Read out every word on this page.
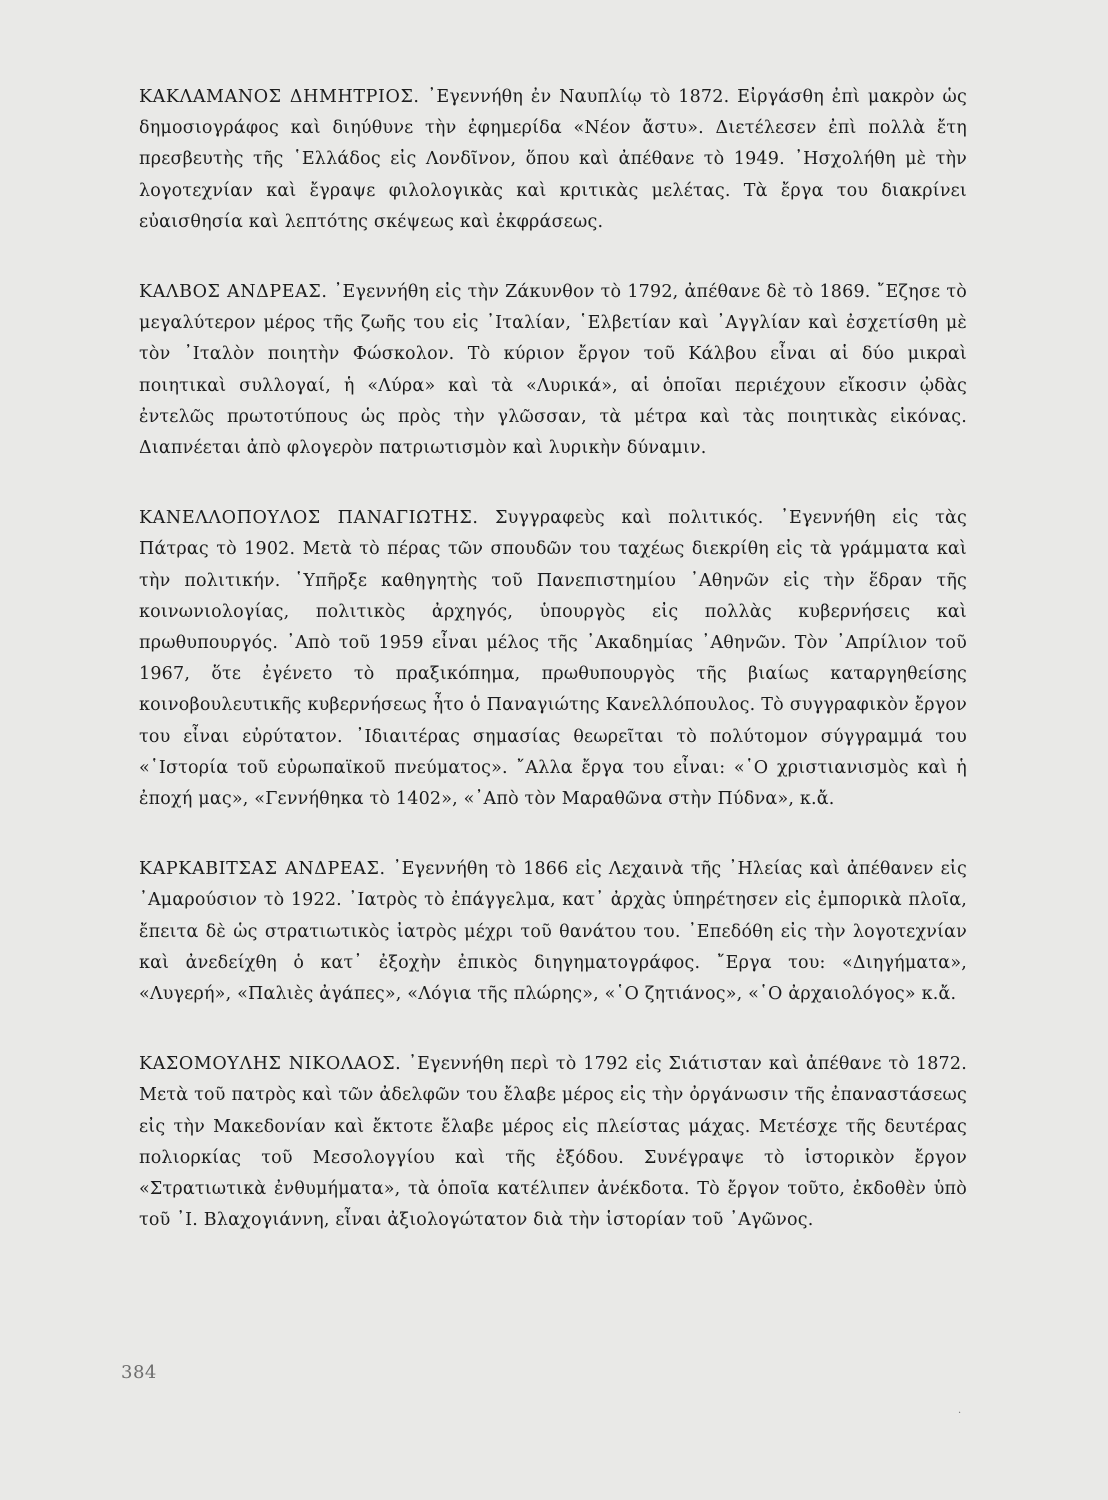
ΚΑΚΛΑΜΑΝΟΣ ΔΗΜΗΤΡΙΟΣ. ᾿Εγεννήθη ἐν Ναυπλίῳ τὸ 1872. Εἰργάσθη ἐπὶ μακρὸν ὡς δημοσιογράφος καὶ διηύθυνε τὴν ἐφημερίδα «Νέον ἄστυ». Διετέλεσεν ἐπὶ πολλὰ ἔτη πρεσβευτὴς τῆς ῾Ελλάδος εἰς Λονδῖνον, ὅπου καὶ ἀπέθανε τὸ 1949. ᾿Ησχολήθη μὲ τὴν λογοτεχνίαν καὶ ἔγραψε φιλολογικὰς καὶ κριτικὰς μελέτας. Τὰ ἔργα του διακρίνει εὐαισθησία καὶ λεπτότης σκέψεως καὶ ἐκφράσεως.

ΚΑΛΒΟΣ ΑΝΔΡΕΑΣ. ᾿Εγεννήθη εἰς τὴν Ζάκυνθον τὸ 1792, ἀπέθανε δὲ τὸ 1869. ῎Εζησε τὸ μεγαλύτερον μέρος τῆς ζωῆς του εἰς ᾿Ιταλίαν, ῾Ελβετίαν καὶ ᾿Αγγλίαν καὶ ἐσχετίσθη μὲ τὸν ᾿Ιταλὸν ποιητὴν Φώσκολον. Τὸ κύριον ἔργον τοῦ Κάλβου εἶναι αἱ δύο μικραὶ ποιητικαὶ συλλογαί, ἡ «Λύρα» καὶ τὰ «Λυρικά», αἱ ὁποῖαι περιέχουν εἴκοσιν ᾠδὰς ἐντελῶς πρωτοτύπους ὡς πρὸς τὴν γλῶσσαν, τὰ μέτρα καὶ τὰς ποιητικὰς εἰκόνας. Διαπνέεται ἀπὸ φλογερὸν πατριωτισμὸν καὶ λυρικὴν δύναμιν.

ΚΑΝΕΛΛΟΠΟΥΛΟΣ ΠΑΝΑΓΙΩΤΗΣ. Συγγραφεὺς καὶ πολιτικός. ᾿Εγεννήθη εἰς τὰς Πάτρας τὸ 1902. Μετὰ τὸ πέρας τῶν σπουδῶν του ταχέως διεκρίθη εἰς τὰ γράμματα καὶ τὴν πολιτικήν. ῾Υπῆρξε καθηγητὴς τοῦ Πανεπιστημίου ᾿Αθηνῶν εἰς τὴν ἕδραν τῆς κοινωνιολογίας, πολιτικὸς ἀρχηγός, ὑπουργὸς εἰς πολλὰς κυβερνήσεις καὶ πρωθυπουργός. ᾿Απὸ τοῦ 1959 εἶναι μέλος τῆς ᾿Ακαδημίας ᾿Αθηνῶν. Τὸν ᾿Απρίλιον τοῦ 1967, ὅτε ἐγένετο τὸ πραξικόπημα, πρωθυπουργὸς τῆς βιαίως καταργηθείσης κοινοβουλευτικῆς κυβερνήσεως ἦτο ὁ Παναγιώτης Κανελλόπουλος. Τὸ συγγραφικὸν ἔργον του εἶναι εὐρύτατον. ᾿Ιδιαιτέρας σημασίας θεωρεῖται τὸ πολύτομον σύγγραμμά του «῾Ιστορία τοῦ εὐρωπαϊκοῦ πνεύματος». ῎Αλλα ἔργα του εἶναι: «῾Ο χριστιανισμὸς καὶ ἡ ἐποχή μας», «Γεννήθηκα τὸ 1402», «᾿Απὸ τὸν Μαραθῶνα στὴν Πύδνα», κ.ἄ.

ΚΑΡΚΑΒΙΤΣΑΣ ΑΝΔΡΕΑΣ. ᾿Εγεννήθη τὸ 1866 εἰς Λεχαινὰ τῆς ᾿Ηλείας καὶ ἀπέθανεν εἰς ᾿Αμαρούσιον τὸ 1922. ᾿Ιατρὸς τὸ ἐπάγγελμα, κατ᾿ ἀρχὰς ὑπηρέτησεν εἰς ἐμπορικὰ πλοῖα, ἔπειτα δὲ ὡς στρατιωτικὸς ἰατρὸς μέχρι τοῦ θανάτου του. ᾿Επεδόθη εἰς τὴν λογοτεχνίαν καὶ ἀνεδείχθη ὁ κατ᾿ ἐξοχὴν ἐπικὸς διηγηματογράφος. ῎Εργα του: «Διηγήματα», «Λυγερή», «Παλιὲς ἀγάπες», «Λόγια τῆς πλώρης», «῾Ο ζητιάνος», «῾Ο ἀρχαιολόγος» κ.ἄ.

ΚΑΣΟΜΟΥΛΗΣ ΝΙΚΟΛΑΟΣ. ᾿Εγεννήθη περὶ τὸ 1792 εἰς Σιάτισταν καὶ ἀπέθανε τὸ 1872. Μετὰ τοῦ πατρὸς καὶ τῶν ἀδελφῶν του ἔλαβε μέρος εἰς τὴν ὀργάνωσιν τῆς ἐπαναστάσεως εἰς τὴν Μακεδονίαν καὶ ἔκτοτε ἔλαβε μέρος εἰς πλείστας μάχας. Μετέσχε τῆς δευτέρας πολιορκίας τοῦ Μεσολογγίου καὶ τῆς ἐξόδου. Συνέγραψε τὸ ἱστορικὸν ἔργον «Στρατιωτικὰ ἐνθυμήματα», τὰ ὁποῖα κατέλιπεν ἀνέκδοτα. Τὸ ἔργον τοῦτο, ἐκδοθὲν ὑπὸ τοῦ ᾿Ι. Βλαχογιάννη, εἶναι ἀξιολογώτατον διὰ τὴν ἱστορίαν τοῦ ᾿Αγῶνος.

384
·
